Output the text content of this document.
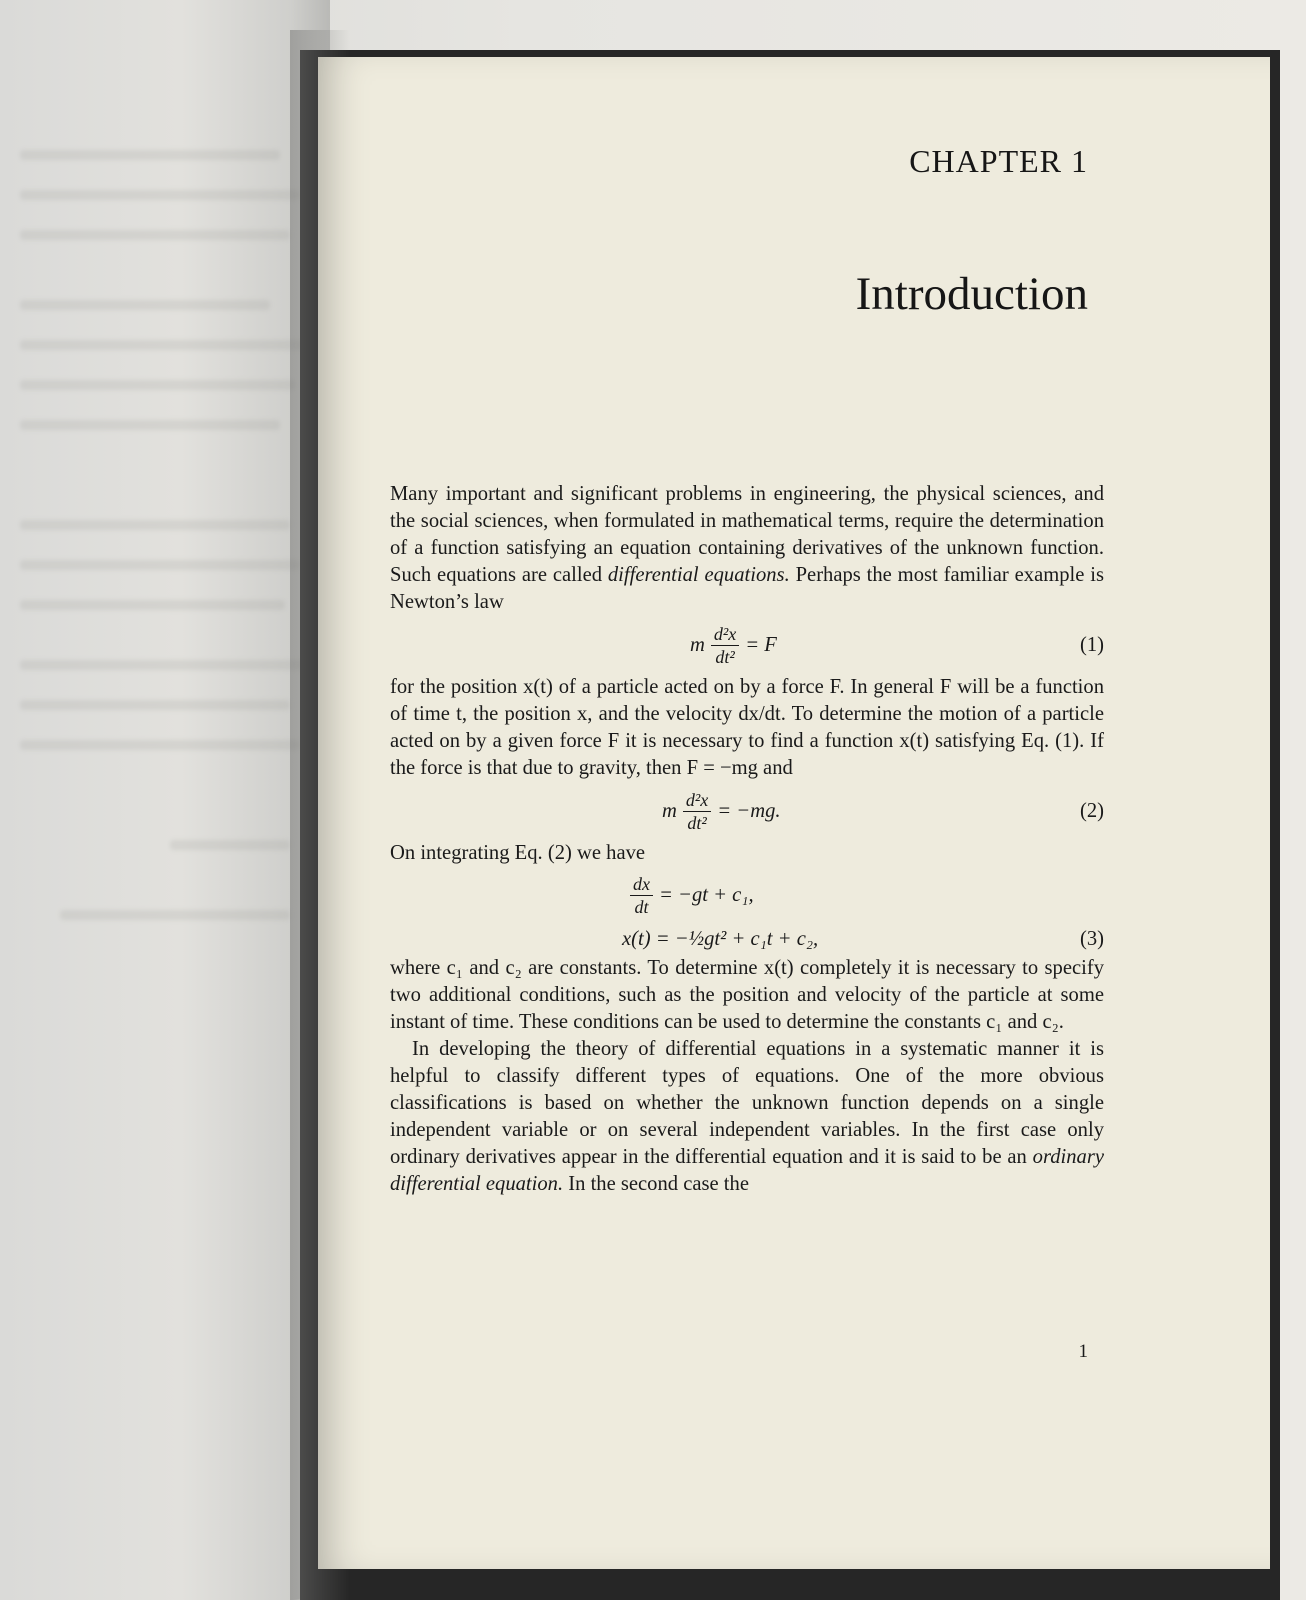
CHAPTER 1
Introduction

Many important and significant problems in engineering, the physical sciences, and the social sciences, when formulated in mathematical terms, require the determination of a function satisfying an equation containing derivatives of the unknown function. Such equations are called differential equations. Perhaps the most familiar example is Newton’s law

m $\frac{\text{d²x}}{\text{dt²}} = F$	(1)

for the position x(t) of a particle acted on by a force F. In general F will be a function of time t, the position x, and the velocity dx/dt. To determine the motion of a particle acted on by a given force F it is necessary to find a function x(t) satisfying Eq. (1). If the force is that due to gravity, then F = −mg and

m $\frac{\text{d²x}}{\text{dt²}} = -mg$.	(2)

On integrating Eq. (2) we have

$\frac{dx}{dt} = -gt + c_1$,
x(t) = −½gt² + c₁t + c₂,	(3)

where c₁ and c₂ are constants. To determine x(t) completely it is necessary to specify two additional conditions, such as the position and velocity of the particle at some instant of time. These conditions can be used to determine the constants c₁ and c₂.

In developing the theory of differential equations in a systematic manner it is helpful to classify different types of equations. One of the more obvious classifications is based on whether the unknown function depends on a single independent variable or on several independent variables. In the first case only ordinary derivatives appear in the differential equation and it is said to be an ordinary differential equation. In the second case the

1
